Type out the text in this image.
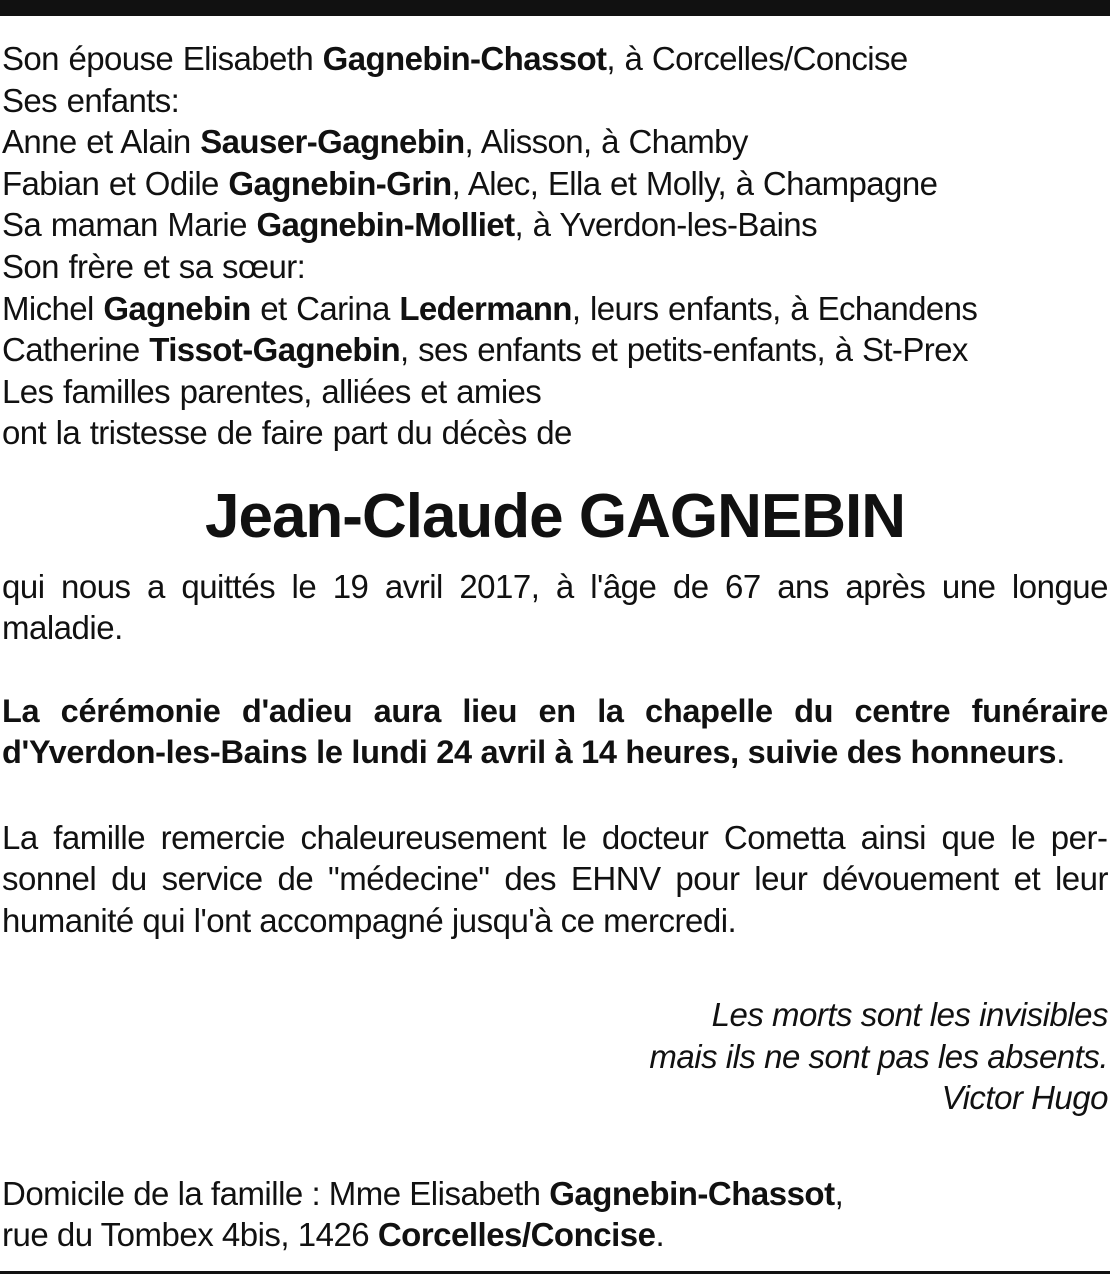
Son épouse Elisabeth Gagnebin-Chassot, à Corcelles/Concise

Ses enfants:

Anne et Alain Sauser-Gagnebin, Alisson, à Chamby

Fabian et Odile Gagnebin-Grin, Alec, Ella et Molly, à Champagne

Sa maman Marie Gagnebin-Molliet, à Yverdon-les-Bains

Son frère et sa sœur:

Michel Gagnebin et Carina Ledermann, leurs enfants, à Echandens

Catherine Tissot-Gagnebin, ses enfants et petits-enfants, à St-Prex

Les familles parentes, alliées et amies

ont la tristesse de faire part du décès de

Jean-Claude GAGNEBIN

qui nous a quittés le 19 avril 2017, à l'âge de 67 ans après une longue maladie.

La cérémonie d'adieu aura lieu en la chapelle du centre funéraire d'Yverdon-les-Bains le lundi 24 avril à 14 heures, suivie des honneurs.

La famille remercie chaleureusement le docteur Cometta ainsi que le personnel du service de "médecine" des EHNV pour leur dévouement et leur humanité qui l'ont accompagné jusqu'à ce mercredi.

Les morts sont les invisibles
mais ils ne sont pas les absents.
Victor Hugo
Domicile de la famille : Mme Elisabeth Gagnebin-Chassot,
rue du Tombex 4bis, 1426 Corcelles/Concise.
